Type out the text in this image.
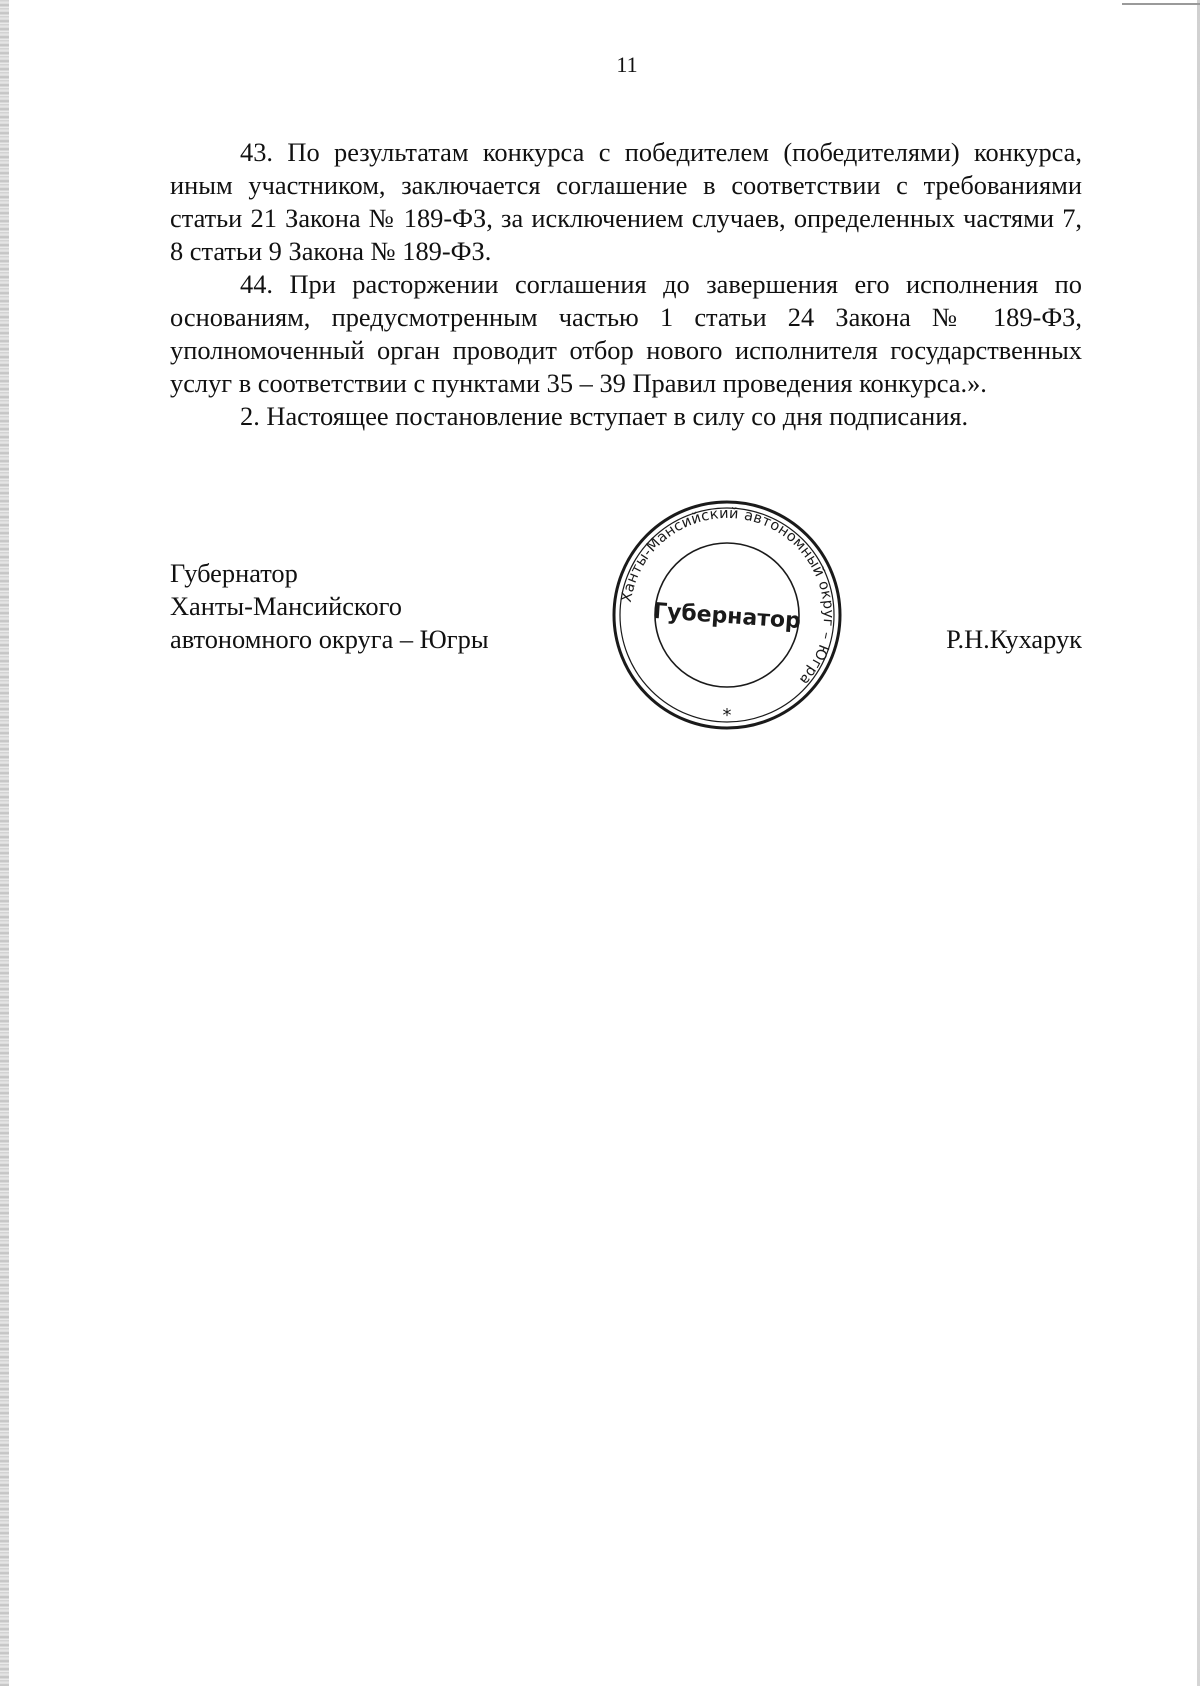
11

43. По результатам конкурса с победителем (победителями) конкурса, иным участником, заключается соглашение в соответствии с требованиями статьи 21 Закона № 189-ФЗ, за исключением случаев, определенных частями 7, 8 статьи 9 Закона № 189-ФЗ.

44. При расторжении соглашения до завершения его исполнения по основаниям, предусмотренным частью 1 статьи 24 Закона № 189-ФЗ, уполномоченный орган проводит отбор нового исполнителя государственных услуг в соответствии с пунктами 35 – 39 Правил проведения конкурса.».

2. Настоящее постановление вступает в силу со дня подписания.

Губернатор
Ханты-Мансийского
автономного округа – Югры
Ханты-Мансийский автономный округ – Югра
Губернатор
*
Р.Н.Кухарук
